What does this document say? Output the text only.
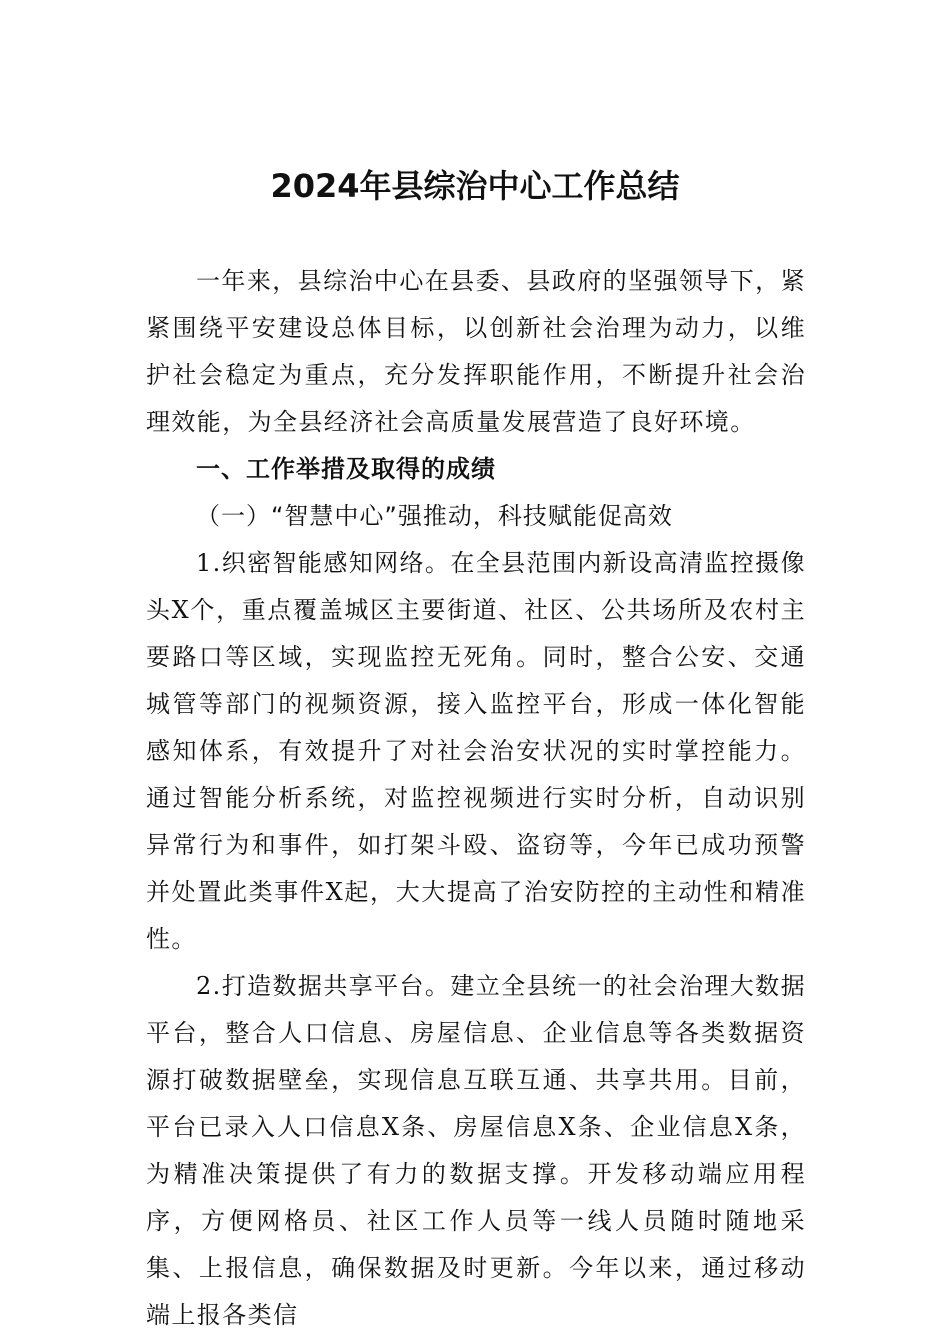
2024年县综治中心工作总结

一年来，县综治中心在县委、县政府的坚强领导下，紧紧围绕平安建设总体目标，以创新社会治理为动力，以维护社会稳定为重点，充分发挥职能作用，不断提升社会治理效能，为全县经济社会高质量发展营造了良好环境。

一、工作举措及取得的成绩

（一）“智慧中心”强推动，科技赋能促高效

1.织密智能感知网络。在全县范围内新设高清监控摄像头X个，重点覆盖城区主要街道、社区、公共场所及农村主要路口等区域，实现监控无死角。同时，整合公安、交通城管等部门的视频资源，接入监控平台，形成一体化智能感知体系，有效提升了对社会治安状况的实时掌控能力。通过智能分析系统，对监控视频进行实时分析，自动识别异常行为和事件，如打架斗殴、盗窃等，今年已成功预警并处置此类事件X起，大大提高了治安防控的主动性和精准性。

2.打造数据共享平台。建立全县统一的社会治理大数据平台，整合人口信息、房屋信息、企业信息等各类数据资源打破数据壁垒，实现信息互联互通、共享共用。目前，平台已录入人口信息X条、房屋信息X条、企业信息X条，为精准决策提供了有力的数据支撑。开发移动端应用程序，方便网格员、社区工作人员等一线人员随时随地采集、上报信息，确保数据及时更新。今年以来，通过移动端上报各类信
